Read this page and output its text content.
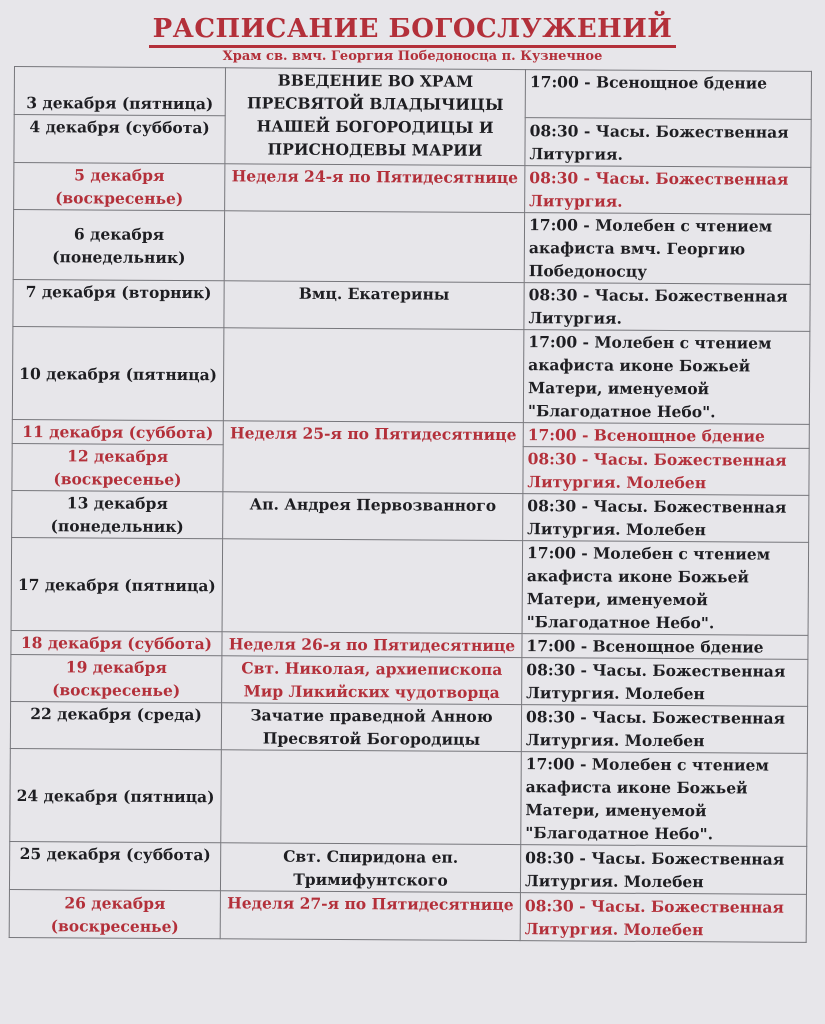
РАСПИСАНИЕ БОГОСЛУЖЕНИЙ
Храм св. вмч. Георгия Победоносца п. Кузнечное
3 декабря (пятница)	ВВЕДЕНИЕ ВО ХРАМ ПРЕСВЯТОЙ ВЛАДЫЧИЦЫ НАШЕЙ БОГОРОДИЦЫ И ПРИСНОДЕВЫ МАРИИ	17:00 - Всенощное бдение
4 декабря (суббота)		08:30 - Часы. Божественная Литургия.
5 декабря (воскресенье)	Неделя 24-я по Пятидесятнице	08:30 - Часы. Божественная Литургия.
6 декабря (понедельник)		17:00 - Молебен с чтением акафиста вмч. Георгию Победоносцу
7 декабря (вторник)	Вмц. Екатерины	08:30 - Часы. Божественная Литургия.
10 декабря (пятница)		17:00 - Молебен с чтением акафиста иконе Божьей Матери, именуемой "Благодатное Небо".
11 декабря (суббота)	Неделя 25-я по Пятидесятнице	17:00 - Всенощное бдение
12 декабря (воскресенье)		08:30 - Часы. Божественная Литургия. Молебен
13 декабря (понедельник)	Ап. Андрея Первозванного	08:30 - Часы. Божественная Литургия. Молебен
17 декабря (пятница)		17:00 - Молебен с чтением акафиста иконе Божьей Матери, именуемой "Благодатное Небо".
18 декабря (суббота)	Неделя 26-я по Пятидесятнице	17:00 - Всенощное бдение
19 декабря (воскресенье)	Свт. Николая, архиепископа Мир Ликийских чудотворца	08:30 - Часы. Божественная Литургия. Молебен
22 декабря (среда)	Зачатие праведной Анною Пресвятой Богородицы	08:30 - Часы. Божественная Литургия. Молебен
24 декабря (пятница)		17:00 - Молебен с чтением акафиста иконе Божьей Матери, именуемой "Благодатное Небо".
25 декабря (суббота)	Свт. Спиридона еп. Тримифунтского	08:30 - Часы. Божественная Литургия. Молебен
26 декабря (воскресенье)	Неделя 27-я по Пятидесятнице	08:30 - Часы. Божественная Литургия. Молебен
